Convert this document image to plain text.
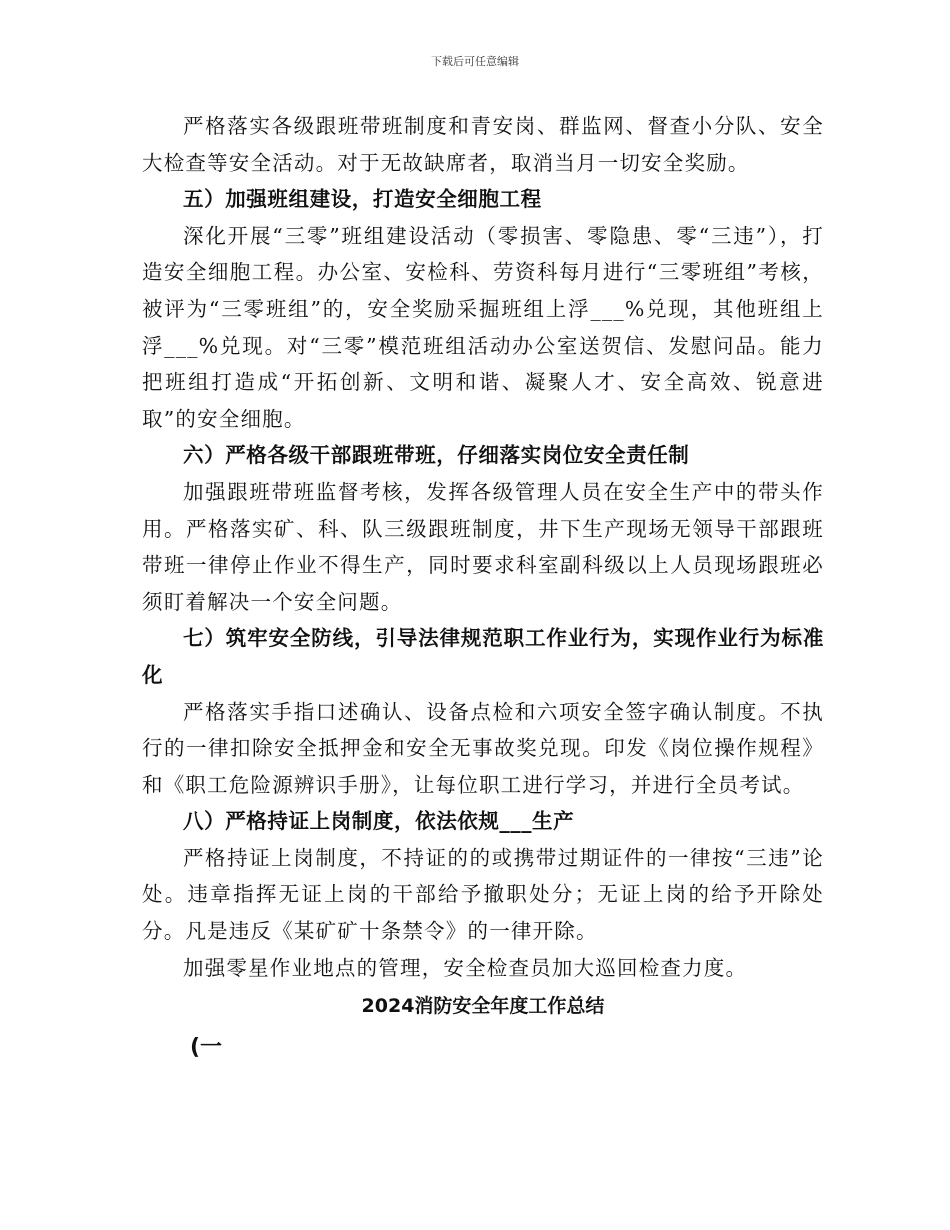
下载后可任意编辑

严格落实各级跟班带班制度和青安岗、群监网、督查小分队、安全大检查等安全活动。对于无故缺席者，取消当月一切安全奖励。

五）加强班组建设，打造安全细胞工程

深化开展“三零”班组建设活动（零损害、零隐患、零“三违”），打造安全细胞工程。办公室、安检科、劳资科每月进行“三零班组”考核，被评为“三零班组”的，安全奖励采掘班组上浮___%兑现，其他班组上浮___%兑现。对“三零”模范班组活动办公室送贺信、发慰问品。能力把班组打造成“开拓创新、文明和谐、凝聚人才、安全高效、锐意进取”的安全细胞。

六）严格各级干部跟班带班，仔细落实岗位安全责任制

加强跟班带班监督考核，发挥各级管理人员在安全生产中的带头作用。严格落实矿、科、队三级跟班制度，井下生产现场无领导干部跟班带班一律停止作业不得生产，同时要求科室副科级以上人员现场跟班必须盯着解决一个安全问题。

七）筑牢安全防线，引导法律规范职工作业行为，实现作业行为标准化

严格落实手指口述确认、设备点检和六项安全签字确认制度。不执行的一律扣除安全抵押金和安全无事故奖兑现。印发《岗位操作规程》和《职工危险源辨识手册》，让每位职工进行学习，并进行全员考试。

八）严格持证上岗制度，依法依规___生产

严格持证上岗制度，不持证的的或携带过期证件的一律按“三违”论处。违章指挥无证上岗的干部给予撤职处分；无证上岗的给予开除处分。凡是违反《某矿矿十条禁令》的一律开除。

加强零星作业地点的管理，安全检查员加大巡回检查力度。

2024消防安全年度工作总结

(一
